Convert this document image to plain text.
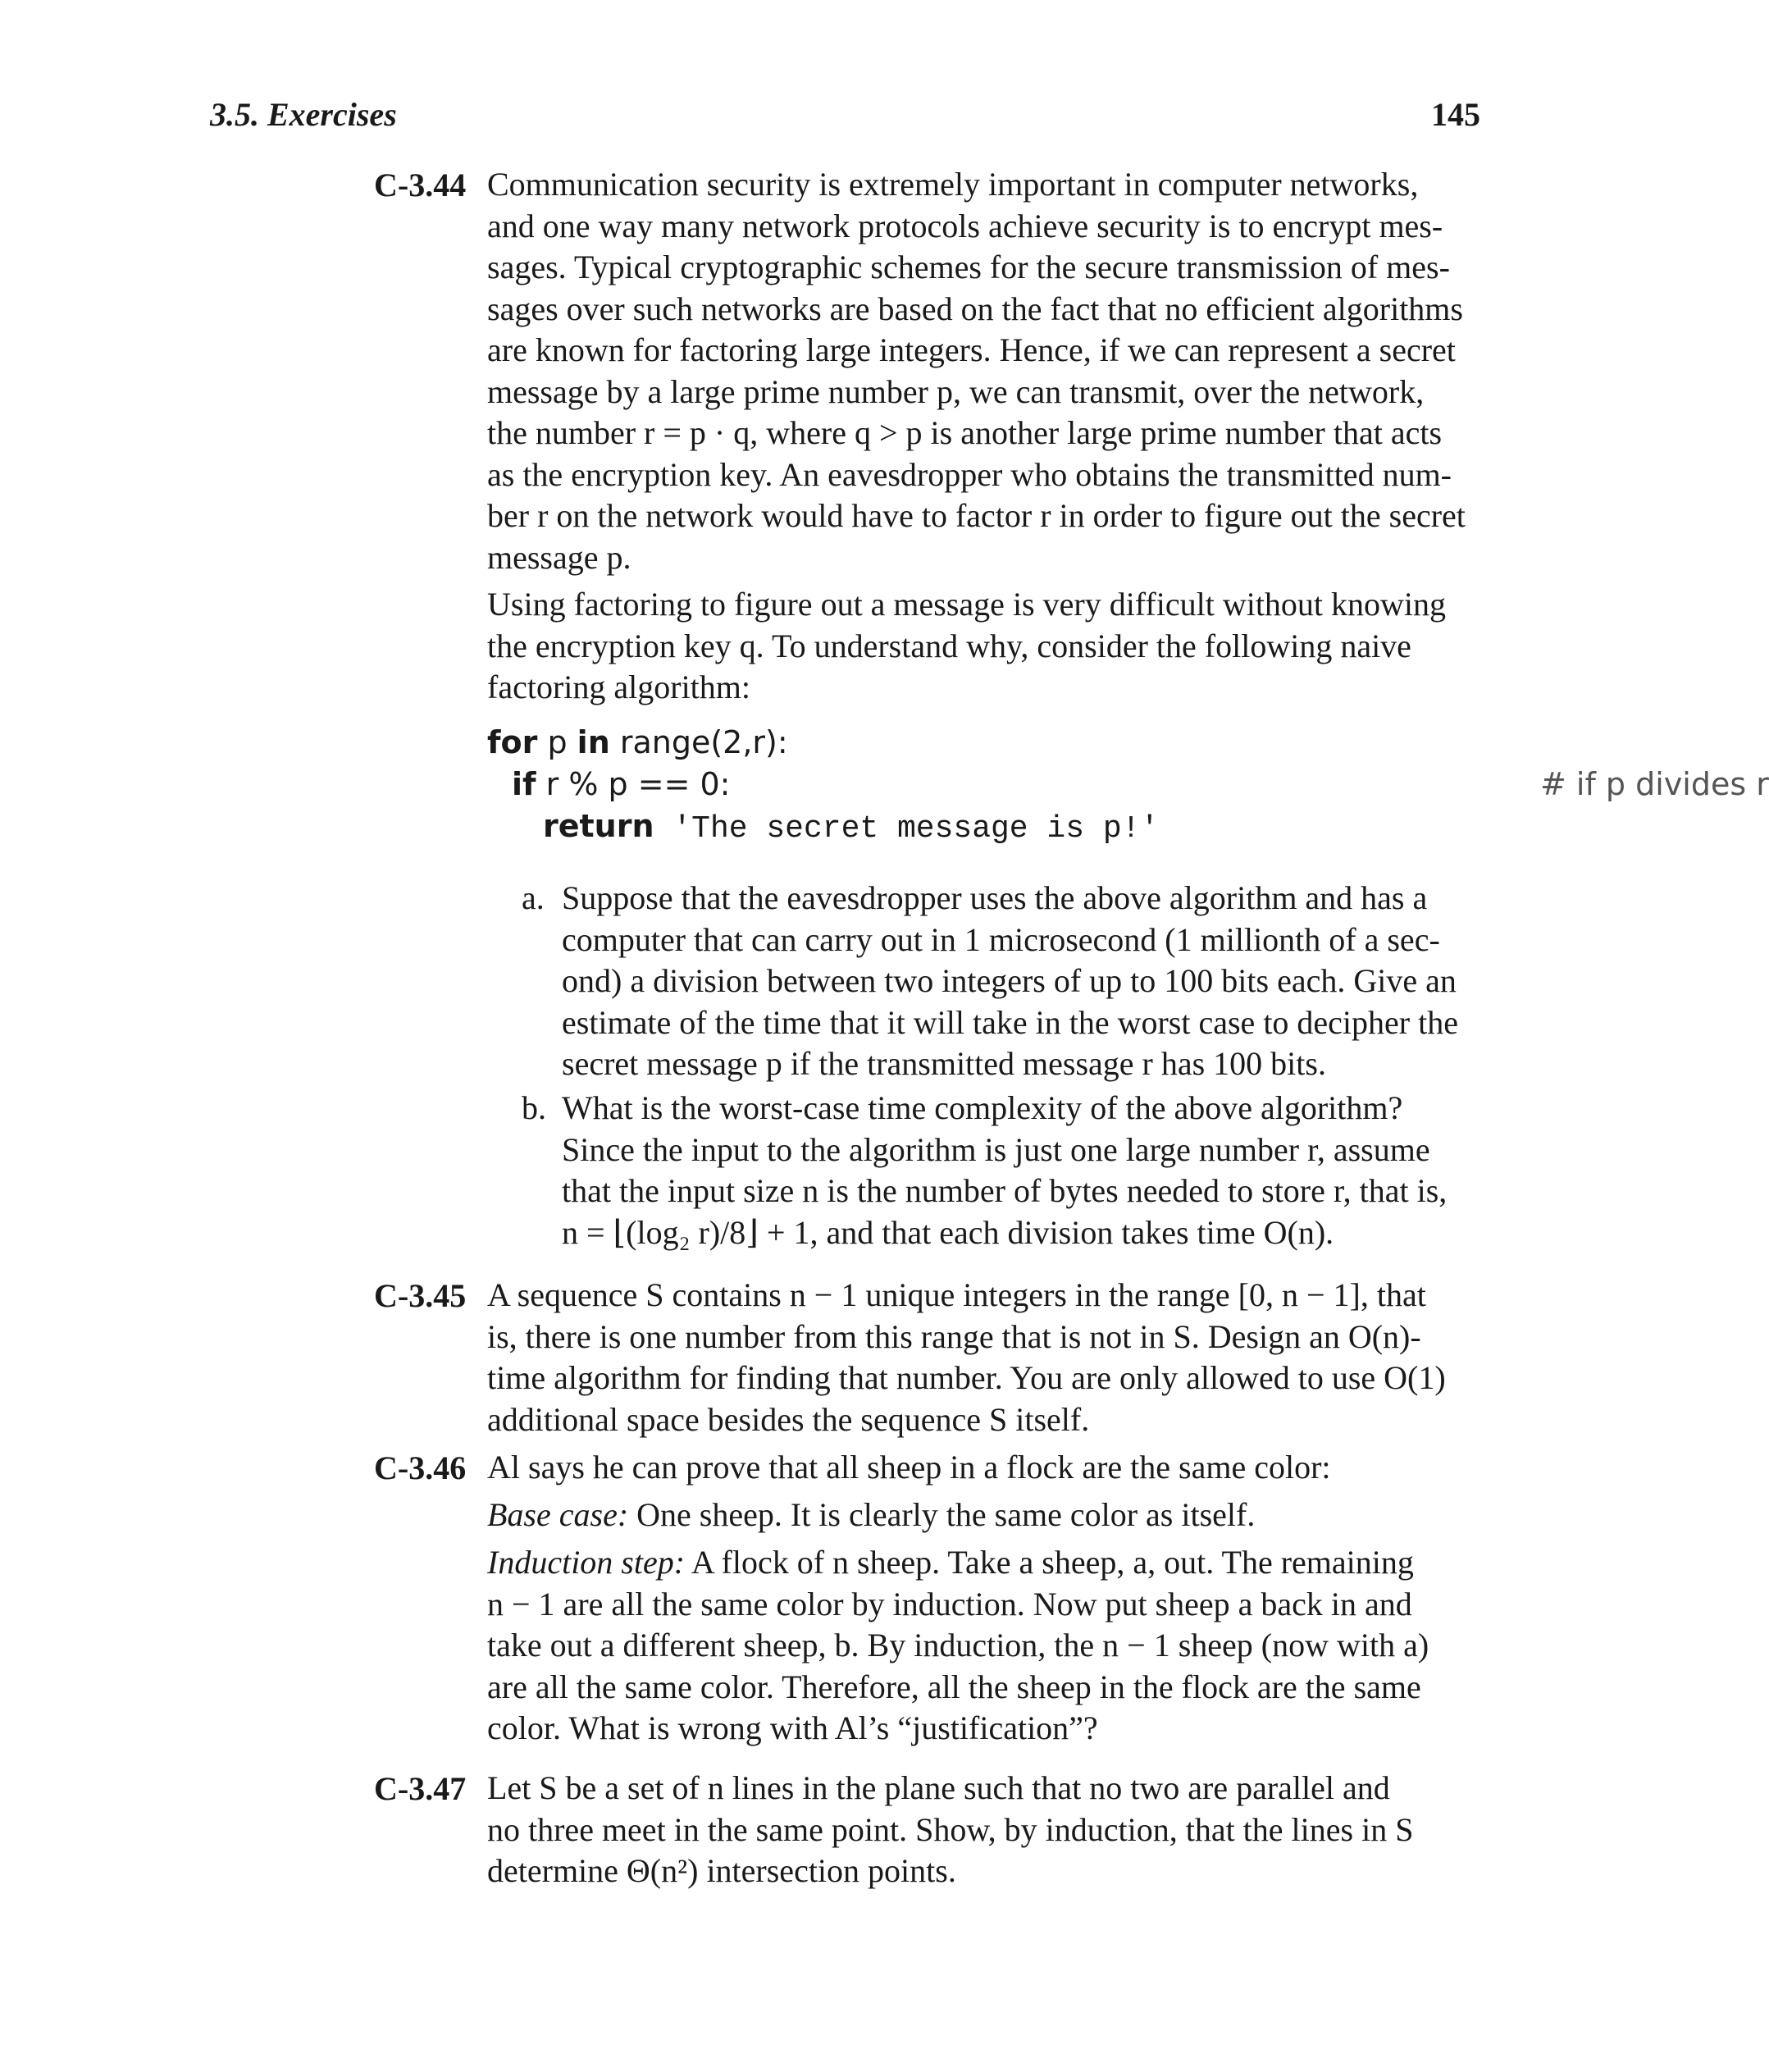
3.5. Exercises	145
C-3.44 Communication security is extremely important in computer networks,

and one way many network protocols achieve security is to encrypt mes-

sages. Typical cryptographic schemes for the secure transmission of mes-

sages over such networks are based on the fact that no efficient algorithms

are known for factoring large integers. Hence, if we can represent a secret

message by a large prime number p, we can transmit, over the network,

the number r = p · q, where q > p is another large prime number that acts

as the encryption key. An eavesdropper who obtains the transmitted num-

ber r on the network would have to factor r in order to figure out the secret

message p.

Using factoring to figure out a message is very difficult without knowing

the encryption key q. To understand why, consider the following naive

factoring algorithm:

for p in range(2,r):
if r % p == 0:	# if p divides r
return 'The secret message is p!'
a. Suppose that the eavesdropper uses the above algorithm and has a

computer that can carry out in 1 microsecond (1 millionth of a sec-

ond) a division between two integers of up to 100 bits each. Give an

estimate of the time that it will take in the worst case to decipher the

secret message p if the transmitted message r has 100 bits.

b. What is the worst-case time complexity of the above algorithm?

Since the input to the algorithm is just one large number r, assume

that the input size n is the number of bytes needed to store r, that is,

n = ⌊(log₂ r)/8⌋ + 1, and that each division takes time O(n).

C-3.45 A sequence S contains n − 1 unique integers in the range [0, n − 1], that

is, there is one number from this range that is not in S. Design an O(n)-

time algorithm for finding that number. You are only allowed to use O(1)

additional space besides the sequence S itself.

C-3.46 Al says he can prove that all sheep in a flock are the same color:

Base case: One sheep. It is clearly the same color as itself.

Induction step: A flock of n sheep. Take a sheep, a, out. The remaining

n − 1 are all the same color by induction. Now put sheep a back in and

take out a different sheep, b. By induction, the n − 1 sheep (now with a)

are all the same color. Therefore, all the sheep in the flock are the same

color. What is wrong with Al’s “justification”?

C-3.47 Let S be a set of n lines in the plane such that no two are parallel and

no three meet in the same point. Show, by induction, that the lines in S

determine Θ(n²) intersection points.
